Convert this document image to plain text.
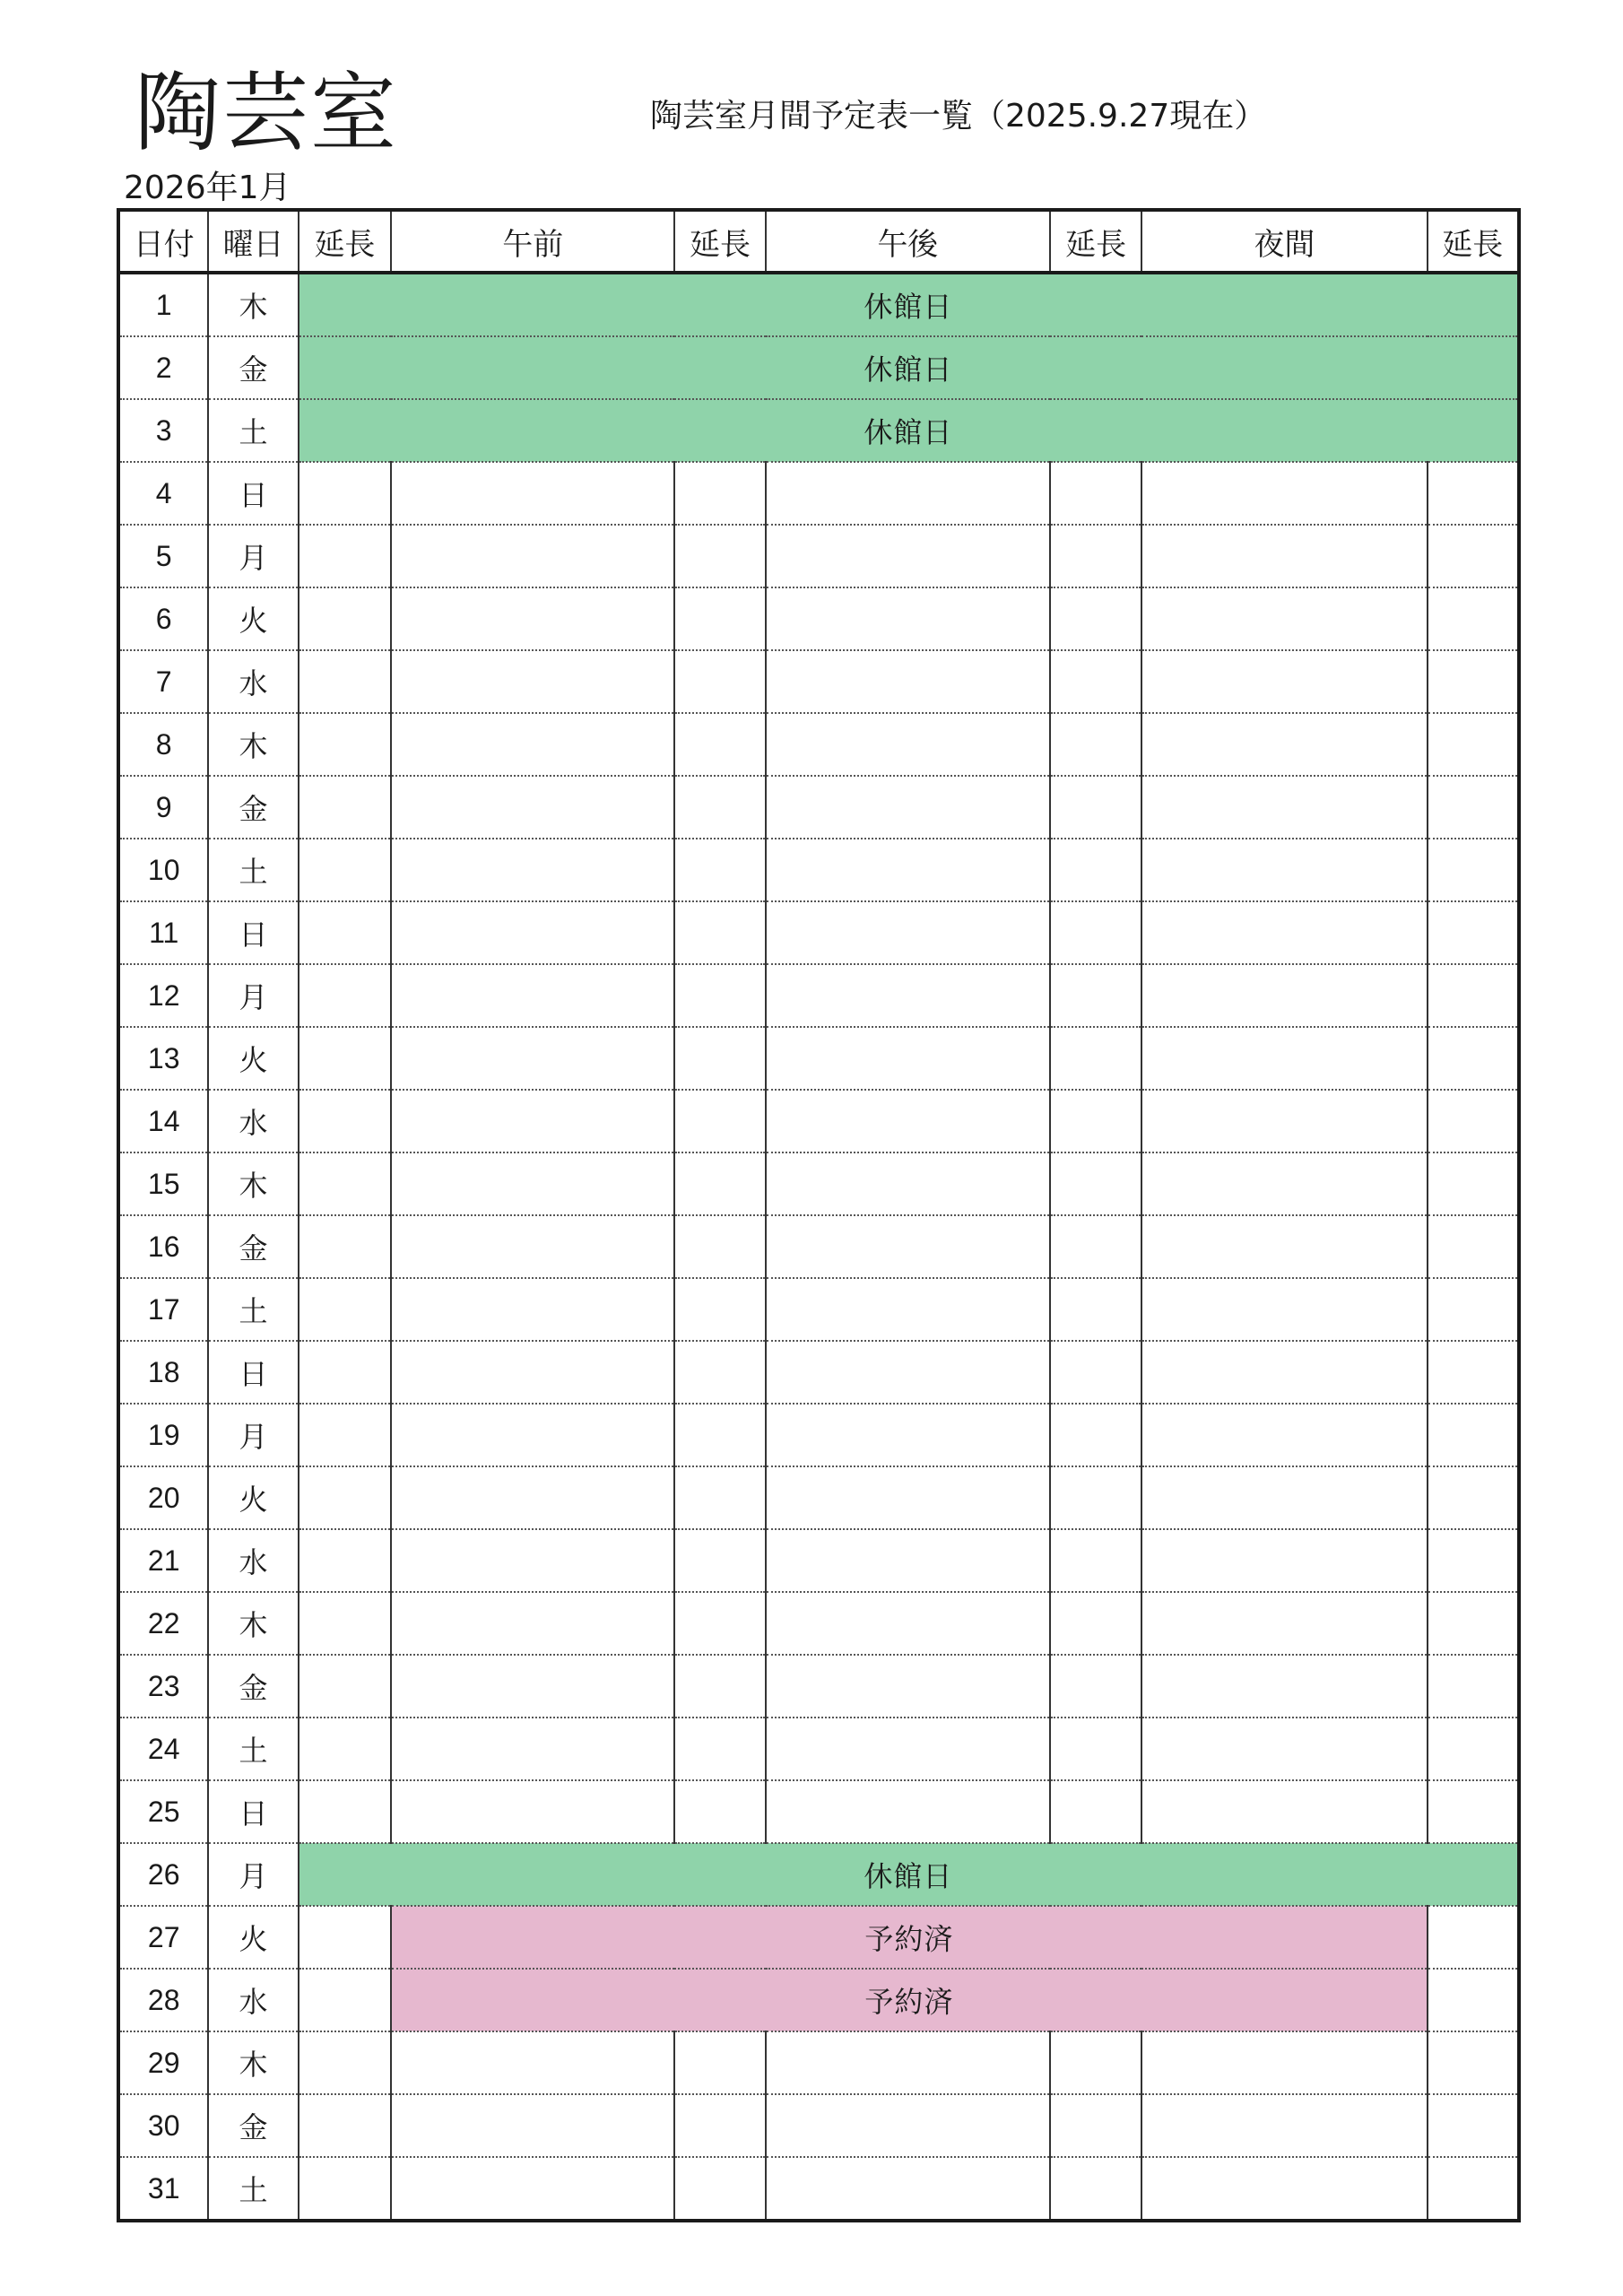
陶芸室	陶芸室月間予定表一覧（2025.9.27現在）
2026年1月
日付	曜日	延長	午前	延長	午後	延長	夜間	延長
1	木	休館日						
2	金	休館日						
3	土	休館日						
4	日							
5	月							
6	火							
7	水							
8	木							
9	金							
10	土							
11	日							
12	月							
13	火							
14	水							
15	木							
16	金							
17	土							
18	日							
19	月							
20	火							
21	水							
22	木							
23	金							
24	土							
25	日							
26	月	休館日						
27	火		予約済					
28	水		予約済					
29	木							
30	金							
31	土							
